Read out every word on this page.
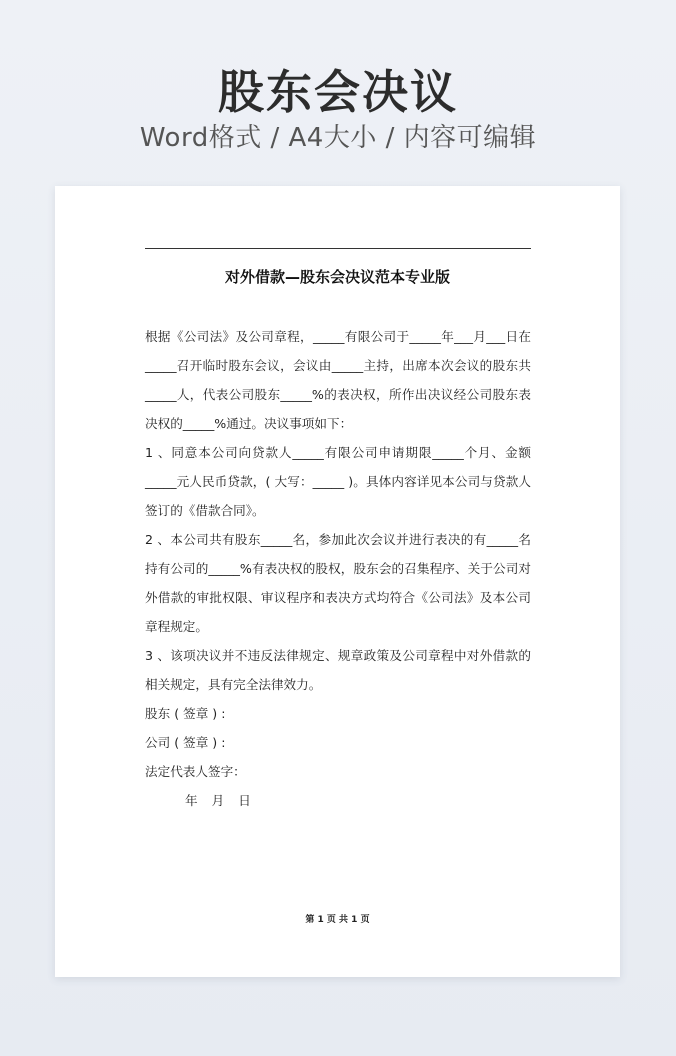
股东会决议
Word格式 / A4大小 / 内容可编辑
对外借款—股东会决议范本专业版

根据《公司法》及公司章程，_____有限公司于_____年___月___日在_____召开临时股东会议，会议由_____主持，出席本次会议的股东共_____人，代表公司股东_____%的表决权，所作出决议经公司股东表决权的_____%通过。决议事项如下：

1 、同意本公司向贷款人_____有限公司申请期限_____个月、金额_____元人民币贷款，( 大写：_____ )。具体内容详见本公司与贷款人签订的《借款合同》。

2 、本公司共有股东_____名，参加此次会议并进行表决的有_____名持有公司的_____%有表决权的股权，股东会的召集程序、关于公司对外借款的审批权限、审议程序和表决方式均符合《公司法》及本公司章程规定。

3 、该项决议并不违反法律规定、规章政策及公司章程中对外借款的相关规定，具有完全法律效力。

股东 ( 签章 ) :

公司 ( 签章 ) :

法定代表人签字：

年 月 日

第 1 页 共 1 页
